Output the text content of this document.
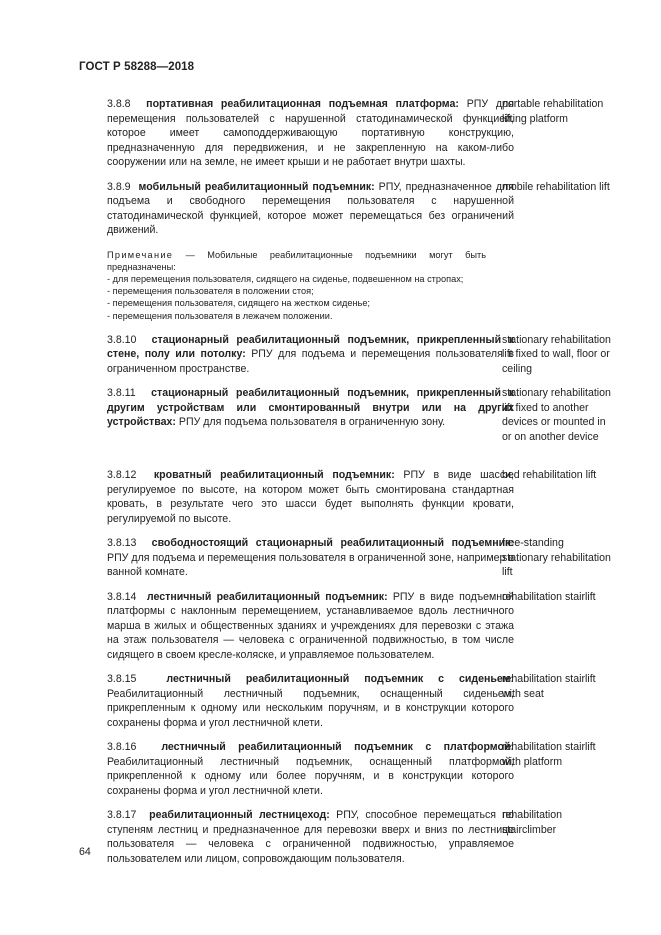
ГОСТ Р 58288—2018
3.8.8 портативная реабилитационная подъемная платформа: РПУ для перемещения пользователей с нарушенной статодинамической функцией, которое имеет самоподдерживающую портативную конструкцию, предназначенную для передвижения, и не закрепленную на каком-либо сооружении или на земле, не имеет крыши и не работает внутри шахты.
portable rehabilitation lifting platform
3.8.9 мобильный реабилитационный подъемник: РПУ, предназначенное для подъема и свободного перемещения пользователя с нарушенной статодинамической функцией, которое может перемещаться без ограничений движений.
mobile rehabilitation lift
Примечание — Мобильные реабилитационные подъемники могут быть предназначены:
- для перемещения пользователя, сидящего на сиденье, подвешенном на стропах;
- перемещения пользователя в положении стоя;
- перемещения пользователя, сидящего на жестком сиденье;
- перемещения пользователя в лежачем положении.
3.8.10 стационарный реабилитационный подъемник, прикрепленный к стене, полу или потолку: РПУ для подъема и перемещения пользователя в ограниченном пространстве.
stationary rehabilitation lift fixed to wall, floor or ceiling
3.8.11 стационарный реабилитационный подъемник, прикрепленный к другим устройствам или смонтированный внутри или на других устройствах: РПУ для подъема пользователя в ограниченную зону.
stationary rehabilitation lift fixed to another devices or mounted in or on another device
3.8.12 кроватный реабилитационный подъемник: РПУ в виде шасси, регулируемое по высоте, на котором может быть смонтирована стандартная кровать, в результате чего это шасси будет выполнять функции кровати, регулируемой по высоте.
bed rehabilitation lift
3.8.13 свободностоящий стационарный реабилитационный подъемник: РПУ для подъема и перемещения пользователя в ограниченной зоне, например в ванной комнате.
free-standing stationary rehabilitation lift
3.8.14 лестничный реабилитационный подъемник: РПУ в виде подъемной платформы с наклонным перемещением, устанавливаемое вдоль лестничного марша в жилых и общественных зданиях и учреждениях для перевозки с этажа на этаж пользователя — человека с ограниченной подвижностью, в том числе сидящего в своем кресле-коляске, и управляемое пользователем.
rehabilitation stairlift
3.8.15	лестничный реабилитационный подъемник с сиденьем: Реабилитационный лестничный подъемник, оснащенный сиденьем, прикрепленным к одному или нескольким поручням, и в конструкции которого сохранены форма и угол лестничной клети.
rehabilitation stairlift with seat
3.8.16 лестничный реабилитационный подъемник с платформой: Реабилитационный лестничный подъемник, оснащенный платформой, прикрепленной к одному или более поручням, и в конструкции которого сохранены форма и угол лестничной клети.
rehabilitation stairlift with platform
3.8.17 реабилитационный лестницеход: РПУ, способное перемещаться по ступеням лестниц и предназначенное для перевозки вверх и вниз по лестнице пользователя — человека с ограниченной подвижностью, управляемое пользователем или лицом, сопровождающим пользователя.
rehabilitation stairclimber
64
